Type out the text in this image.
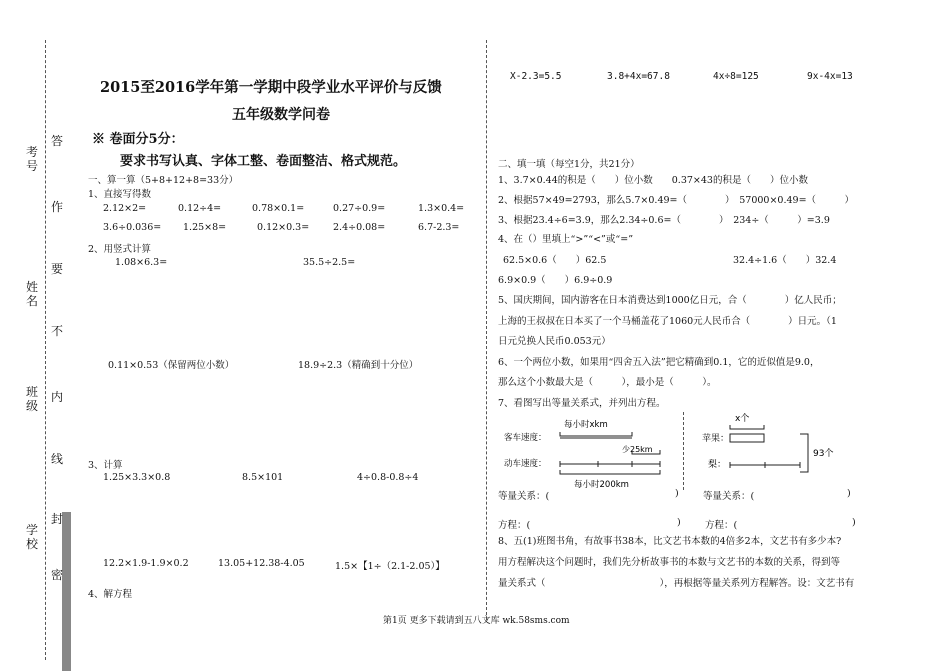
考号
姓名
班级
学校
答
作
要
不
内
线
封
密
2015至2016学年第一学期中段学业水平评价与反馈
五年级数学问卷
※ 卷面分5分：
要求书写认真、字体工整、卷面整洁、格式规范。
一、算一算（5+8+12+8=33分）
1、直接写得数
2.12×2=	0.12÷4=	0.78×0.1=	0.27÷0.9=	1.3×0.4=
3.6÷0.036= 1.25×8=	0.12×0.3=	2.4÷0.08=	6.7-2.3=
2、用竖式计算
1.08×6.3=	35.5÷2.5=
0.11×0.53（保留两位小数）	18.9÷2.3（精确到十分位）
3、计算
1.25×3.3×0.8	8.5×101	4÷0.8-0.8÷4
12.2×1.9-1.9×0.2	13.05+12.38-4.05	1.5×【1÷（2.1-2.05）】
4、解方程
X-2.3=5.5	3.8+4x=67.8	4x÷8=125	9x-4x=13
二、填一填（每空1分，共21分）
1、3.7×0.44的积是（　　）位小数　　0.37×43的积是（　　）位小数
2、根据57×49=2793，那么5.7×0.49=（　　　　）　57000×0.49=（　　　）
3、根据23.4÷6=3.9，那么2.34÷0.6=（　　　　）　234÷（　　　）=3.9
4、在（）里填上“>”“<”或“=”
62.5×0.6（　　）62.5	32.4÷1.6（　　）32.4
6.9×0.9（　　）6.9÷0.9
5、国庆期间，国内游客在日本消费达到1000亿日元，合（　　　　）亿人民币；
上海的王叔叔在日本买了一个马桶盖花了1060元人民币合（　　　　）日元。（1
日元兑换人民币0.053元）
6、一个两位小数，如果用“四舍五入法”把它精确到0.1，它的近似值是9.0，
那么这个小数最大是（　　　），最小是（　　　）。
7、看图写出等量关系式，并列出方程。
每小时xkm
客车速度：
少25km
动车速度：
每小时200km
x个
苹果：
梨：
93个
等量关系：(	)	等量关系：(	)
方程：(	)	方程：(	)
8、五(1)班图书角，有故事书38本，比文艺书本数的4倍多2本，文艺书有多少本?
用方程解决这个问题时，我们先分析故事书的本数与文艺书的本数的关系，得到等
量关系式（　　　　　　　　　　　　），再根据等量关系列方程解答。设：文艺书有
第1页 更多下载请到五八文库 wk.58sms.com
